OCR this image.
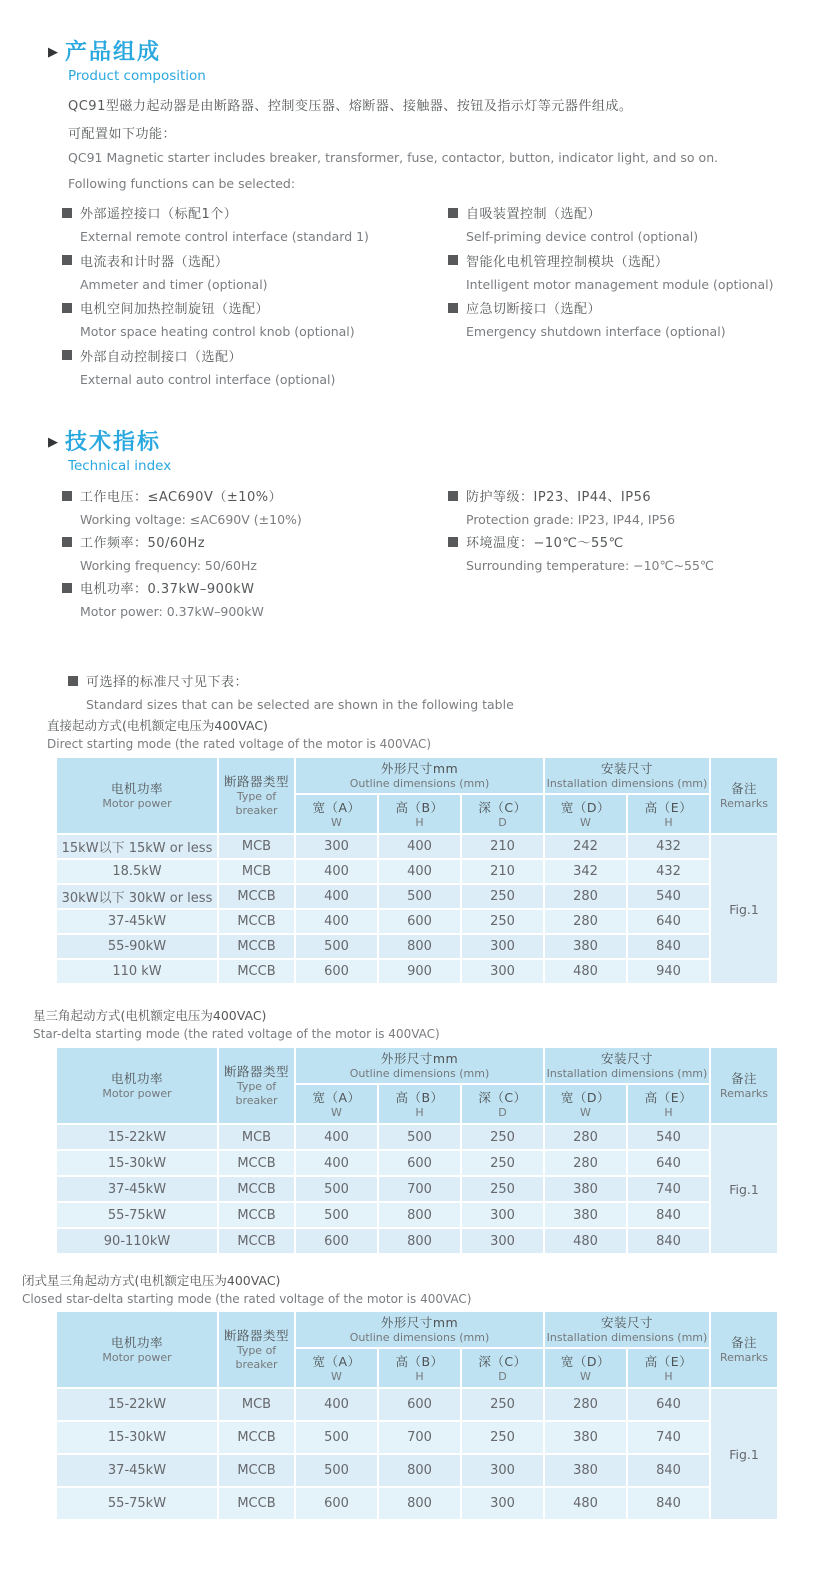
▶ 产品组成
Product composition
QC91型磁力起动器是由断路器、控制变压器、熔断器、接触器、按钮及指示灯等元器件组成。
可配置如下功能：
QC91 Magnetic starter includes breaker, transformer, fuse, contactor, button, indicator light, and so on.
Following functions can be selected:
外部遥控接口（标配1个）
External remote control interface (standard 1)
电流表和计时器（选配）
Ammeter and timer (optional)
电机空间加热控制旋钮（选配）
Motor space heating control knob (optional)
外部自动控制接口（选配）
External auto control interface (optional)
自吸装置控制（选配）
Self-priming device control (optional)
智能化电机管理控制模块（选配）
Intelligent motor management module (optional)
应急切断接口（选配）
Emergency shutdown interface (optional)
▶ 技术指标
Technical index
工作电压：≤AC690V（±10%）
Working voltage: ≤AC690V (±10%)
工作频率：50/60Hz
Working frequency: 50/60Hz
电机功率：0.37kW–900kW
Motor power: 0.37kW–900kW
防护等级：IP23、IP44、IP56
Protection grade: IP23, IP44, IP56
环境温度：−10℃～55℃
Surrounding temperature: −10℃~55℃
可选择的标准尺寸见下表：
Standard sizes that can be selected are shown in the following table
直接起动方式(电机额定电压为400VAC)
Direct starting mode (the rated voltage of the motor is 400VAC)
电机功率
Motor power	断路器类型
Type of breaker	外形尺寸mm
Outline dimensions (mm)			安装尺寸
Installation dimensions (mm)		备注
Remarks

		宽（A）
W	高（B）
H	深（C）
D	宽（D）
W	高（E）
H	

15kW以下 15kW or less	MCB	300	400	210	242	432	Fig.1
18.5kW	MCB	400	400	210	342	432	
30kW以下 30kW or less	MCCB	400	500	250	280	540	
37-45kW	MCCB	400	600	250	280	640	
55-90kW	MCCB	500	800	300	380	840	
110 kW	MCCB	600	900	300	480	940	
星三角起动方式(电机额定电压为400VAC)
Star-delta starting mode (the rated voltage of the motor is 400VAC)
电机功率
Motor power	断路器类型
Type of breaker	外形尺寸mm
Outline dimensions (mm)			安装尺寸
Installation dimensions (mm)		备注
Remarks

		宽（A）
W	高（B）
H	深（C）
D	宽（D）
W	高（E）
H	

15-22kW	MCB	400	500	250	280	540	Fig.1
15-30kW	MCCB	400	600	250	280	640	
37-45kW	MCCB	500	700	250	380	740	
55-75kW	MCCB	500	800	300	380	840	
90-110kW	MCCB	600	800	300	480	840	
闭式星三角起动方式(电机额定电压为400VAC)
Closed star-delta starting mode (the rated voltage of the motor is 400VAC)
电机功率
Motor power	断路器类型
Type of breaker	外形尺寸mm
Outline dimensions (mm)			安装尺寸
Installation dimensions (mm)		备注
Remarks

		宽（A）
W	高（B）
H	深（C）
D	宽（D）
W	高（E）
H	

15-22kW	MCB	400	600	250	280	640	Fig.1
15-30kW	MCCB	500	700	250	380	740	
37-45kW	MCCB	500	800	300	380	840	
55-75kW	MCCB	600	800	300	480	840	
